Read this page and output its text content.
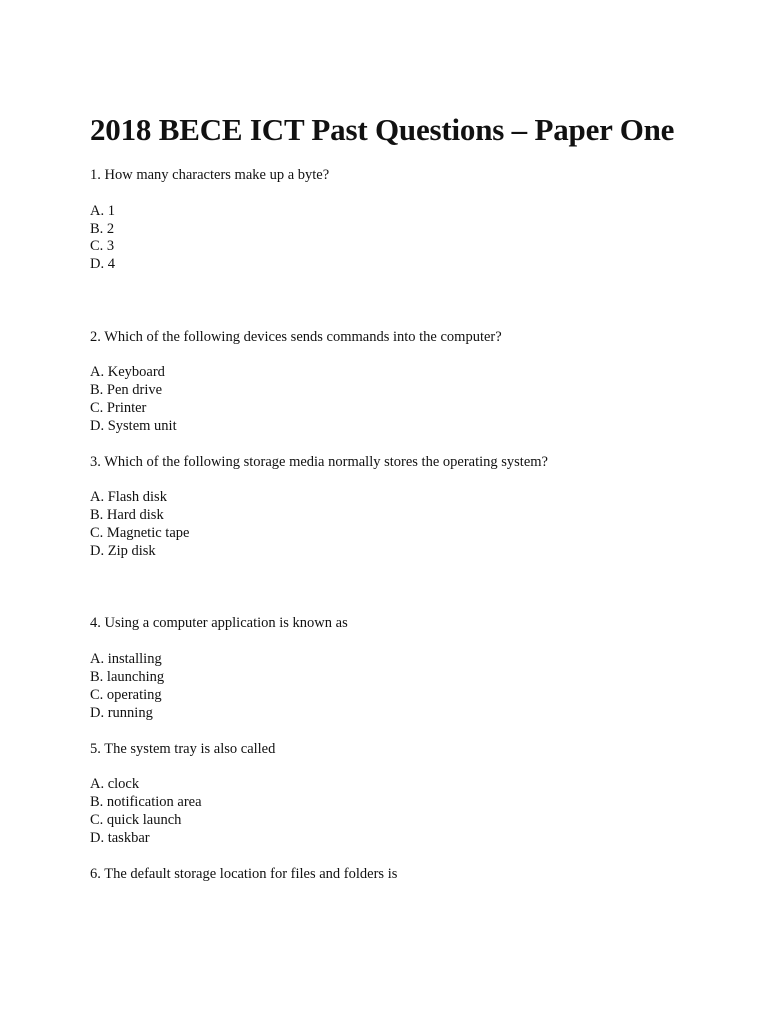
2018 BECE ICT Past Questions – Paper One

1. How many characters make up a byte?

A. 1

B. 2

C. 3

D. 4

2. Which of the following devices sends commands into the computer?

A. Keyboard

B. Pen drive

C. Printer

D. System unit

3. Which of the following storage media normally stores the operating system?

A. Flash disk

B. Hard disk

C. Magnetic tape

D. Zip disk

4. Using a computer application is known as

A. installing

B. launching

C. operating

D. running

5. The system tray is also called

A. clock

B. notification area

C. quick launch

D. taskbar

6. The default storage location for files and folders is
